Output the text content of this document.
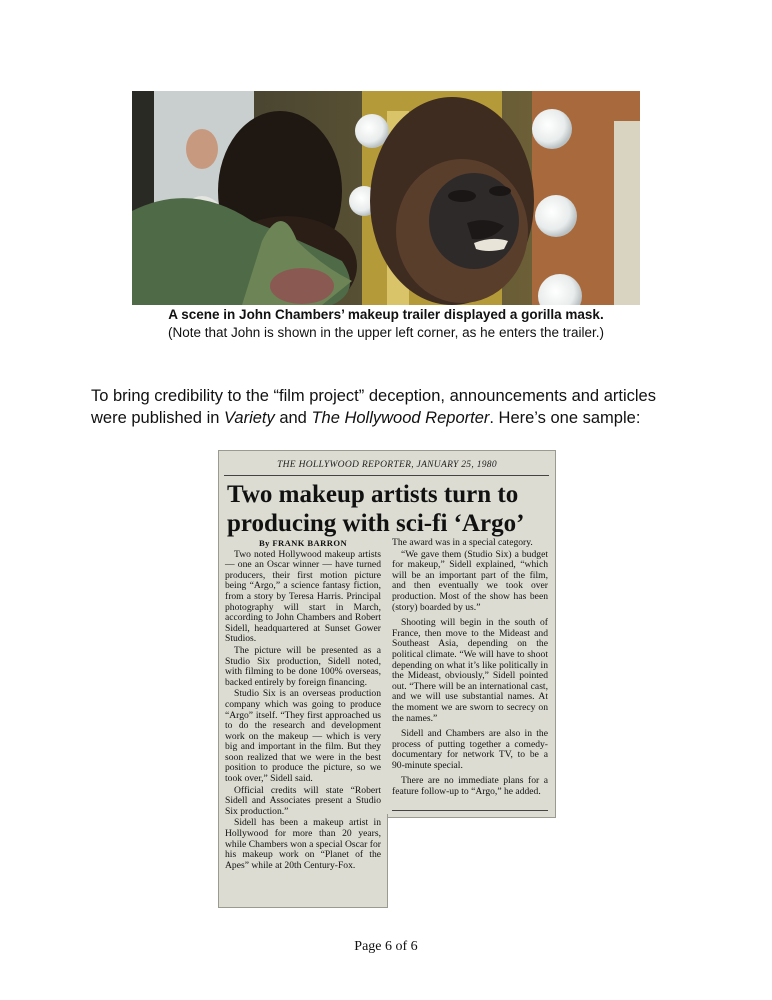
A scene in John Chambers’ makeup trailer displayed a gorilla mask.
(Note that John is shown in the upper left corner, as he enters the trailer.)
To bring credibility to the “film project” deception, announcements and articles
were published in Variety and The Hollywood Reporter. Here’s one sample:
THE HOLLYWOOD REPORTER, JANUARY 25, 1980
Two makeup artists turn to
producing with sci-fi ‘Argo’
By FRANK BARRON

Two noted Hollywood makeup artists — one an Oscar winner — have turned producers, their first motion picture being “Argo,” a science fantasy fiction, from a story by Teresa Harris. Principal photography will start in March, according to John Chambers and Robert Sidell, headquartered at Sunset Gower Studios.

The picture will be presented as a Studio Six production, Sidell noted, with filming to be done 100% overseas, backed entirely by foreign financing.

Studio Six is an overseas production company which was going to produce “Argo” itself. “They first approached us to do the research and development work on the makeup — which is very big and important in the film. But they soon realized that we were in the best position to produce the picture, so we took over,” Sidell said.

Official credits will state “Robert Sidell and Associates present a Studio Six production.”

Sidell has been a makeup artist in Hollywood for more than 20 years, while Chambers won a special Oscar for his makeup work on “Planet of the Apes” while at 20th Century-Fox.

The award was in a special category.

“We gave them (Studio Six) a budget for makeup,” Sidell explained, “which will be an important part of the film, and then eventually we took over production. Most of the show has been (story) boarded by us.”

Shooting will begin in the south of France, then move to the Mideast and Southeast Asia, depending on the political climate. “We will have to shoot depending on what it’s like politically in the Mideast, obviously,” Sidell pointed out. “There will be an international cast, and we will use substantial names. At the moment we are sworn to secrecy on the names.”

Sidell and Chambers are also in the process of putting together a comedy-documentary for network TV, to be a 90-minute special.

There are no immediate plans for a feature follow-up to “Argo,” he added.

Page 6 of 6
